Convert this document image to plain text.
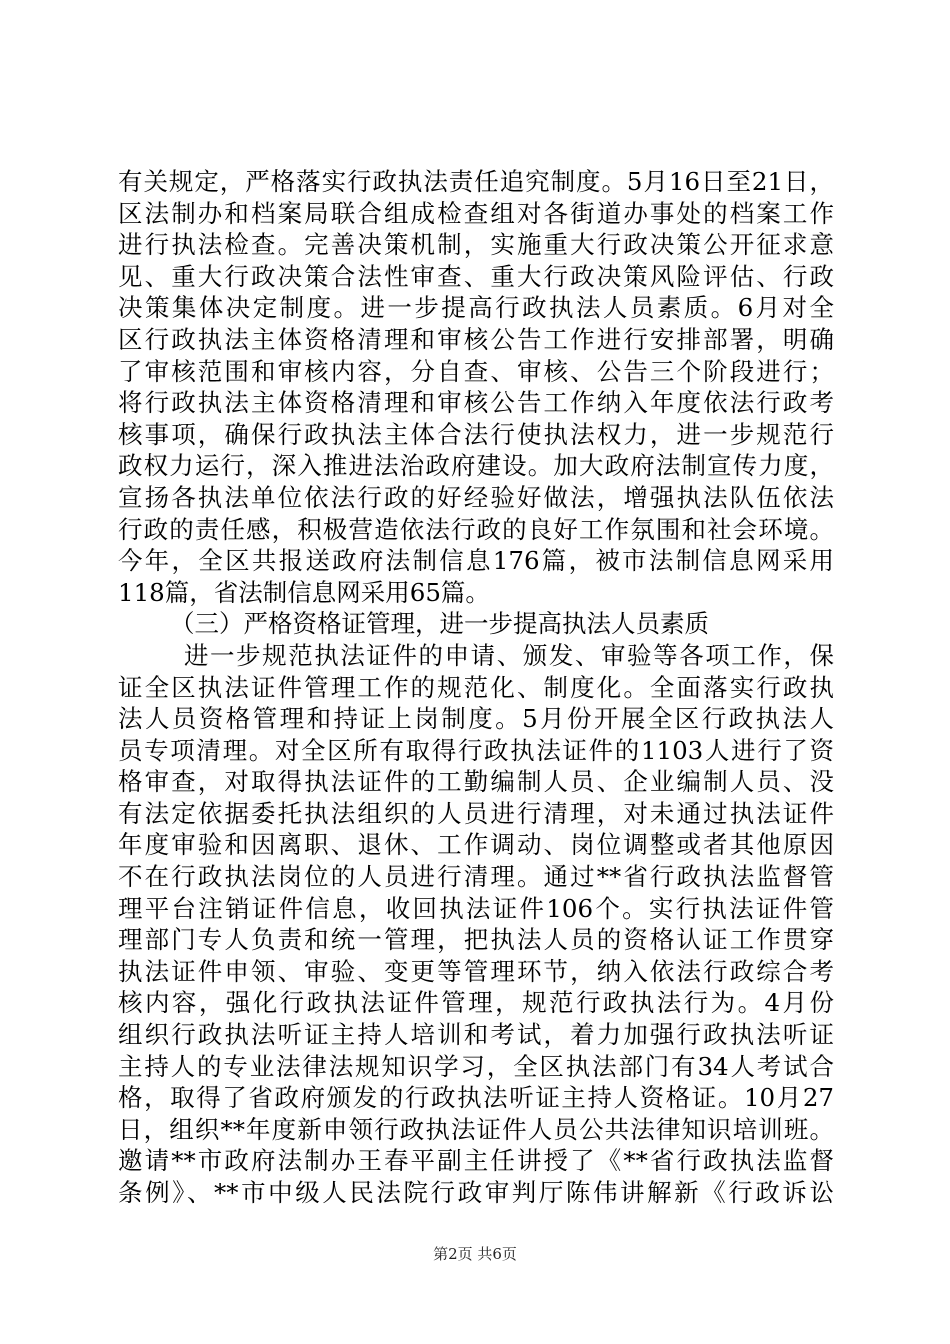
有关规定，严格落实行政执法责任追究制度。5月16日至21日，
区法制办和档案局联合组成检查组对各街道办事处的档案工作
进行执法检查。完善决策机制，实施重大行政决策公开征求意
见、重大行政决策合法性审查、重大行政决策风险评估、行政
决策集体决定制度。进一步提高行政执法人员素质。6月对全
区行政执法主体资格清理和审核公告工作进行安排部署，明确
了审核范围和审核内容，分自查、审核、公告三个阶段进行；
将行政执法主体资格清理和审核公告工作纳入年度依法行政考
核事项，确保行政执法主体合法行使执法权力，进一步规范行
政权力运行，深入推进法治政府建设。加大政府法制宣传力度，
宣扬各执法单位依法行政的好经验好做法，增强执法队伍依法
行政的责任感，积极营造依法行政的良好工作氛围和社会环境。
今年，全区共报送政府法制信息176篇，被市法制信息网采用
118篇，省法制信息网采用65篇。
（三）严格资格证管理，进一步提高执法人员素质
进一步规范执法证件的申请、颁发、审验等各项工作，保
证全区执法证件管理工作的规范化、制度化。全面落实行政执
法人员资格管理和持证上岗制度。5月份开展全区行政执法人
员专项清理。对全区所有取得行政执法证件的1103人进行了资
格审查，对取得执法证件的工勤编制人员、企业编制人员、没
有法定依据委托执法组织的人员进行清理，对未通过执法证件
年度审验和因离职、退休、工作调动、岗位调整或者其他原因
不在行政执法岗位的人员进行清理。通过**省行政执法监督管
理平台注销证件信息，收回执法证件106个。实行执法证件管
理部门专人负责和统一管理，把执法人员的资格认证工作贯穿
执法证件申领、审验、变更等管理环节，纳入依法行政综合考
核内容，强化行政执法证件管理，规范行政执法行为。4月份
组织行政执法听证主持人培训和考试，着力加强行政执法听证
主持人的专业法律法规知识学习，全区执法部门有34人考试合
格，取得了省政府颁发的行政执法听证主持人资格证。10月27
日，组织**年度新申领行政执法证件人员公共法律知识培训班。
邀请**市政府法制办王春平副主任讲授了《**省行政执法监督
条例》、**市中级人民法院行政审判厅陈伟讲解新《行政诉讼
第2页 共6页
